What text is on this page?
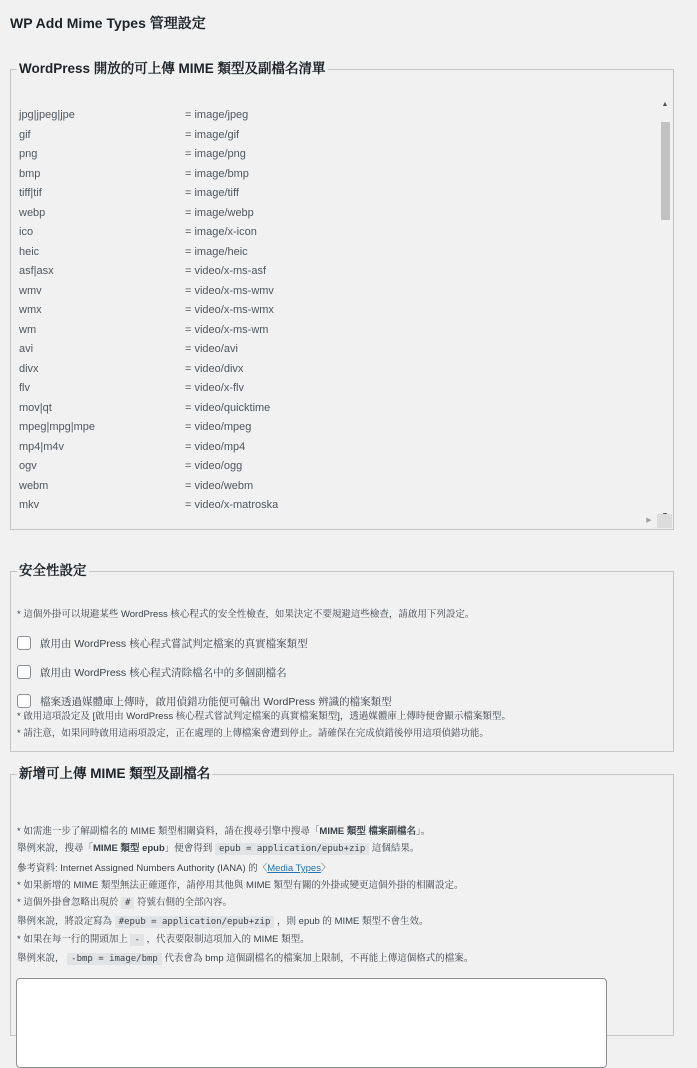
WP Add Mime Types 管理設定
WordPress 開放的可上傳 MIME 類型及副檔名清單
jpg|jpeg|jpe	= image/jpeg
gif	= image/gif
png	= image/png
bmp	= image/bmp
tiff|tif	= image/tiff
webp	= image/webp
ico	= image/x-icon
heic	= image/heic
asf|asx	= video/x-ms-asf
wmv	= video/x-ms-wmv
wmx	= video/x-ms-wmx
wm	= video/x-ms-wm
avi	= video/avi
divx	= video/divx
flv	= video/x-flv
mov|qt	= video/quicktime
mpeg|mpg|mpe	= video/mpeg
mp4|m4v	= video/mp4
ogv	= video/ogg
webm	= video/webm
mkv	= video/x-matroska
▲
▶
安全性設定
* 這個外掛可以規避某些 WordPress 核心程式的安全性檢查，如果決定不要規避這些檢查，請啟用下列設定。
啟用由 WordPress 核心程式嘗試判定檔案的真實檔案類型
啟用由 WordPress 核心程式清除檔名中的多個副檔名
檔案透過媒體庫上傳時，啟用偵錯功能便可輸出 WordPress 辨識的檔案類型
* 啟用這項設定及 [啟用由 WordPress 核心程式嘗試判定檔案的真實檔案類型]，透過媒體庫上傳時便會顯示檔案類型。
* 請注意，如果同時啟用這兩項設定，正在處理的上傳檔案會遭到停止。請確保在完成偵錯後停用這項偵錯功能。
新增可上傳 MIME 類型及副檔名
* 如需進一步了解副檔名的 MIME 類型相關資料，請在搜尋引擎中搜尋「MIME 類型 檔案副檔名」。
舉例來說，搜尋「MIME 類型 epub」便會得到 epub = application/epub+zip 這個結果。
參考資料: Internet Assigned Numbers Authority (IANA) 的〈Media Types〉
* 如果新增的 MIME 類型無法正確運作，請停用其他與 MIME 類型有關的外掛或變更這個外掛的相關設定。
* 這個外掛會忽略出現於 # 符號右側的全部內容。
舉例來說，將設定寫為 #epub = application/epub+zip ，則 epub 的 MIME 類型不會生效。
* 如果在每一行的開頭加上 - ，代表要限制這項加入的 MIME 類型。
舉例來說， -bmp = image/bmp 代表會為 bmp 這個副檔名的檔案加上限制，不再能上傳這個格式的檔案。
